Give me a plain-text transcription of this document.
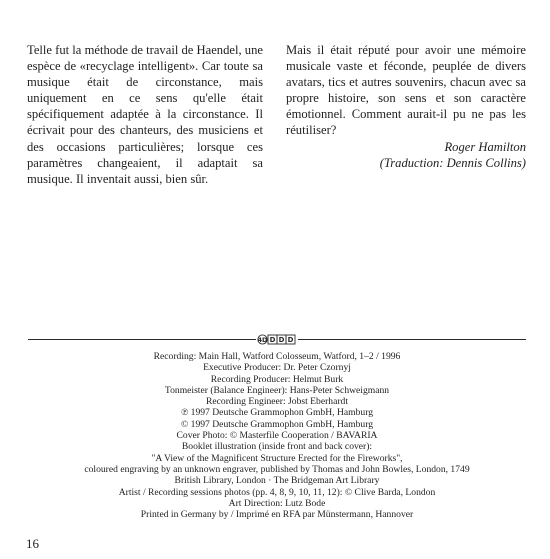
Telle fut la méthode de travail de Haendel, une espèce de «recyclage intelligent». Car toute sa musique était de circonstance, mais uniquement en ce sens qu'elle était spécifiquement adaptée à la circonstance. Il écrivait pour des chanteurs, des musiciens et des occasions particulières; lorsque ces paramètres changeaient, il adaptait sa musique. Il inventait aussi, bien sûr.

Mais il était réputé pour avoir une mémoire musicale vaste et féconde, peuplée de divers avatars, tics et autres souvenirs, chacun avec sa propre histoire, son sens et son caractère émotionnel. Comment aurait-il pu ne pas les réutiliser?

Roger Hamilton

(Traduction: Dennis Collins)

4D D D D
Recording: Main Hall, Watford Colosseum, Watford, 1–2 / 1996
Executive Producer: Dr. Peter Czornyj
Recording Producer: Helmut Burk
Tonmeister (Balance Engineer): Hans-Peter Schweigmann
Recording Engineer: Jobst Eberhardt
℗ 1997 Deutsche Grammophon GmbH, Hamburg
© 1997 Deutsche Grammophon GmbH, Hamburg
Cover Photo: © Masterfile Cooperation / BAVARIA
Booklet illustration (inside front and back cover):
"A View of the Magnificent Structure Erected for the Fireworks",
coloured engraving by an unknown engraver, published by Thomas and John Bowles, London, 1749
British Library, London · The Bridgeman Art Library
Artist / Recording sessions photos (pp. 4, 8, 9, 10, 11, 12): © Clive Barda, London
Art Direction: Lutz Bode
Printed in Germany by / Imprimé en RFA par Münstermann, Hannover
16
